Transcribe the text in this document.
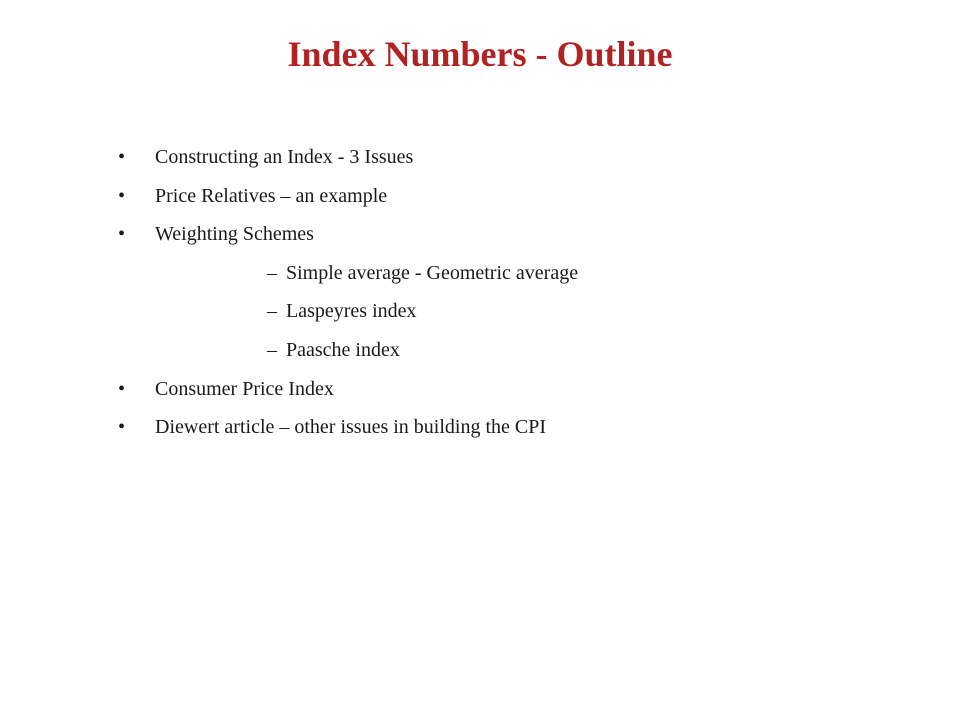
Index Numbers - Outline
• Constructing an Index - 3 Issues
• Price Relatives – an example
• Weighting Schemes
– Simple average - Geometric average
– Laspeyres index
– Paasche index
• Consumer Price Index
• Diewert article – other issues in building the CPI
